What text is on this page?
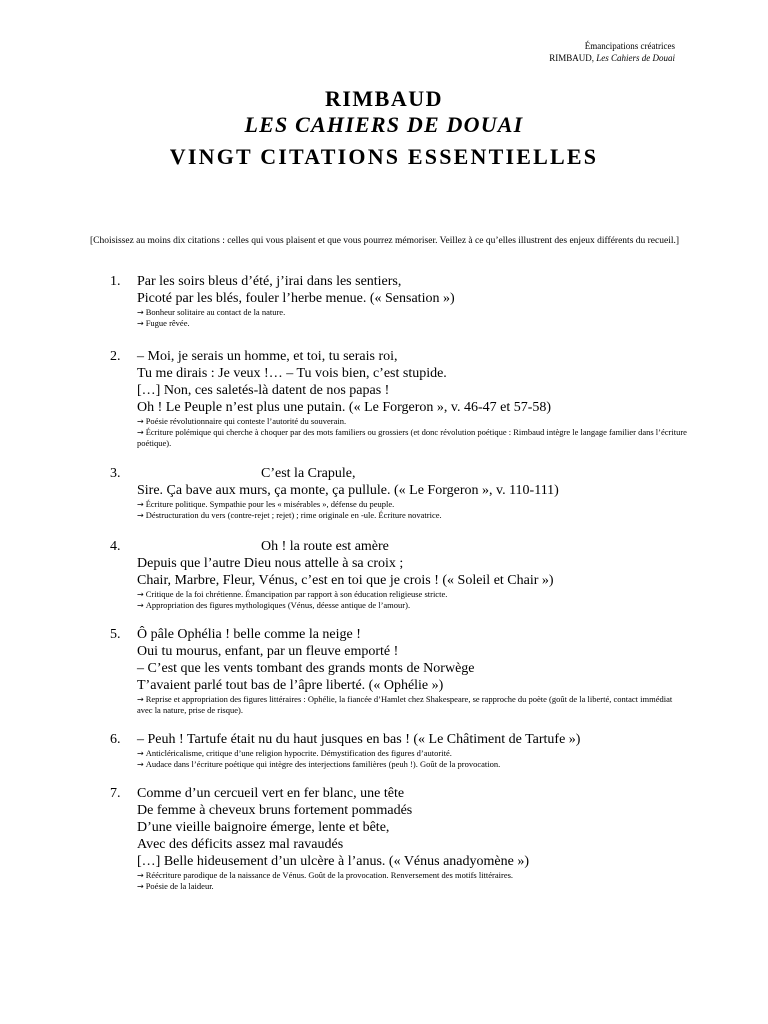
Émancipations créatrices
RIMBAUD, Les Cahiers de Douai
RIMBAUD
LES CAHIERS DE DOUAI
VINGT CITATIONS ESSENTIELLES
[Choisissez au moins dix citations : celles qui vous plaisent et que vous pourrez mémoriser. Veillez à ce qu’elles illustrent des enjeux différents du recueil.]
1.	Par les soirs bleus d’été, j’irai dans les sentiers,
Picoté par les blés, fouler l’herbe menue. (« Sensation »)
→ Bonheur solitaire au contact de la nature.
→ Fugue rêvée.
2.	– Moi, je serais un homme, et toi, tu serais roi,
Tu me dirais : Je veux !… – Tu vois bien, c’est stupide.
[…] Non, ces saletés-là datent de nos papas !
Oh ! Le Peuple n’est plus une putain. (« Le Forgeron », v. 46-47 et 57-58)
→ Poésie révolutionnaire qui conteste l’autorité du souverain.
→ Écriture polémique qui cherche à choquer par des mots familiers ou grossiers (et donc révolution poétique : Rimbaud intègre le langage familier dans l’écriture poétique).
3.	C’est la Crapule,
Sire. Ça bave aux murs, ça monte, ça pullule. (« Le Forgeron », v. 110-111)
→ Écriture politique. Sympathie pour les « misérables », défense du peuple.
→ Déstructuration du vers (contre-rejet ; rejet) ; rime originale en -ule. Écriture novatrice.
4.	Oh ! la route est amère
Depuis que l’autre Dieu nous attelle à sa croix ;
Chair, Marbre, Fleur, Vénus, c’est en toi que je crois ! (« Soleil et Chair »)
→ Critique de la foi chrétienne. Émancipation par rapport à son éducation religieuse stricte.
→ Appropriation des figures mythologiques (Vénus, déesse antique de l’amour).
5.	Ô pâle Ophélia ! belle comme la neige !
Oui tu mourus, enfant, par un fleuve emporté !
– C’est que les vents tombant des grands monts de Norwège
T’avaient parlé tout bas de l’âpre liberté. (« Ophélie »)
→ Reprise et appropriation des figures littéraires : Ophélie, la fiancée d’Hamlet chez Shakespeare, se rapproche du poète (goût de la liberté, contact immédiat avec la nature, prise de risque).
6.	– Peuh ! Tartufe était nu du haut jusques en bas ! (« Le Châtiment de Tartufe »)
→ Anticléricalisme, critique d’une religion hypocrite. Démystification des figures d’autorité.
→ Audace dans l’écriture poétique qui intègre des interjections familières (peuh !). Goût de la provocation.
7.	Comme d’un cercueil vert en fer blanc, une tête
De femme à cheveux bruns fortement pommadés
D’une vieille baignoire émerge, lente et bête,
Avec des déficits assez mal ravaudés
[…] Belle hideusement d’un ulcère à l’anus. (« Vénus anadyomène »)
→ Réécriture parodique de la naissance de Vénus. Goût de la provocation. Renversement des motifs littéraires.
→ Poésie de la laideur.
